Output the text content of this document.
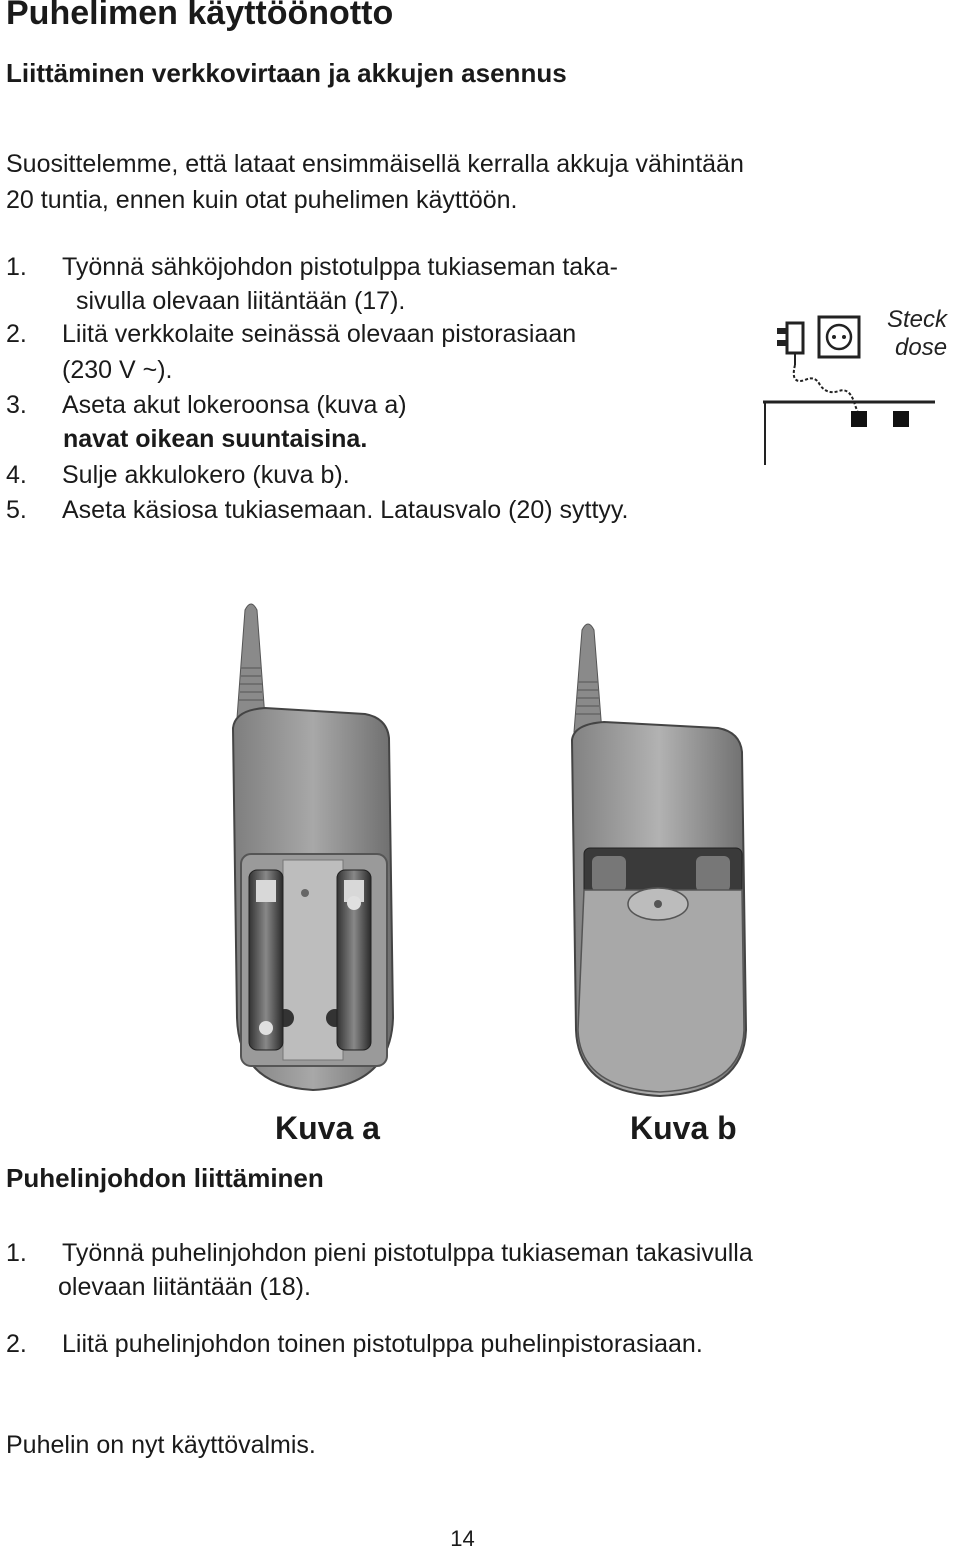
Puhelimen käyttöönotto
Liittäminen verkkovirtaan ja akkujen asennus
Suosittelemme, että lataat ensimmäisellä kerralla akkuja vähintään
20 tuntia, ennen kuin otat puhelimen käyttöön.
1. Työnnä sähköjohdon pistotulppa tukiaseman taka-
sivulla olevaan liitäntään (17).
2. Liitä verkkolaite seinässä olevaan pistorasiaan
(230 V ~).
3. Aseta akut lokeroonsa (kuva a)
navat oikean suuntaisina.
4. Sulje akkulokero (kuva b).
5. Aseta käsiosa tukiasemaan. Latausvalo (20) syttyy.
Steck
dose
Kuva a	Kuva b
Puhelinjohdon liittäminen
1. Työnnä puhelinjohdon pieni pistotulppa tukiaseman takasivulla
olevaan liitäntään (18).
2. Liitä puhelinjohdon toinen pistotulppa puhelinpistorasiaan.
Puhelin on nyt käyttövalmis.
14
